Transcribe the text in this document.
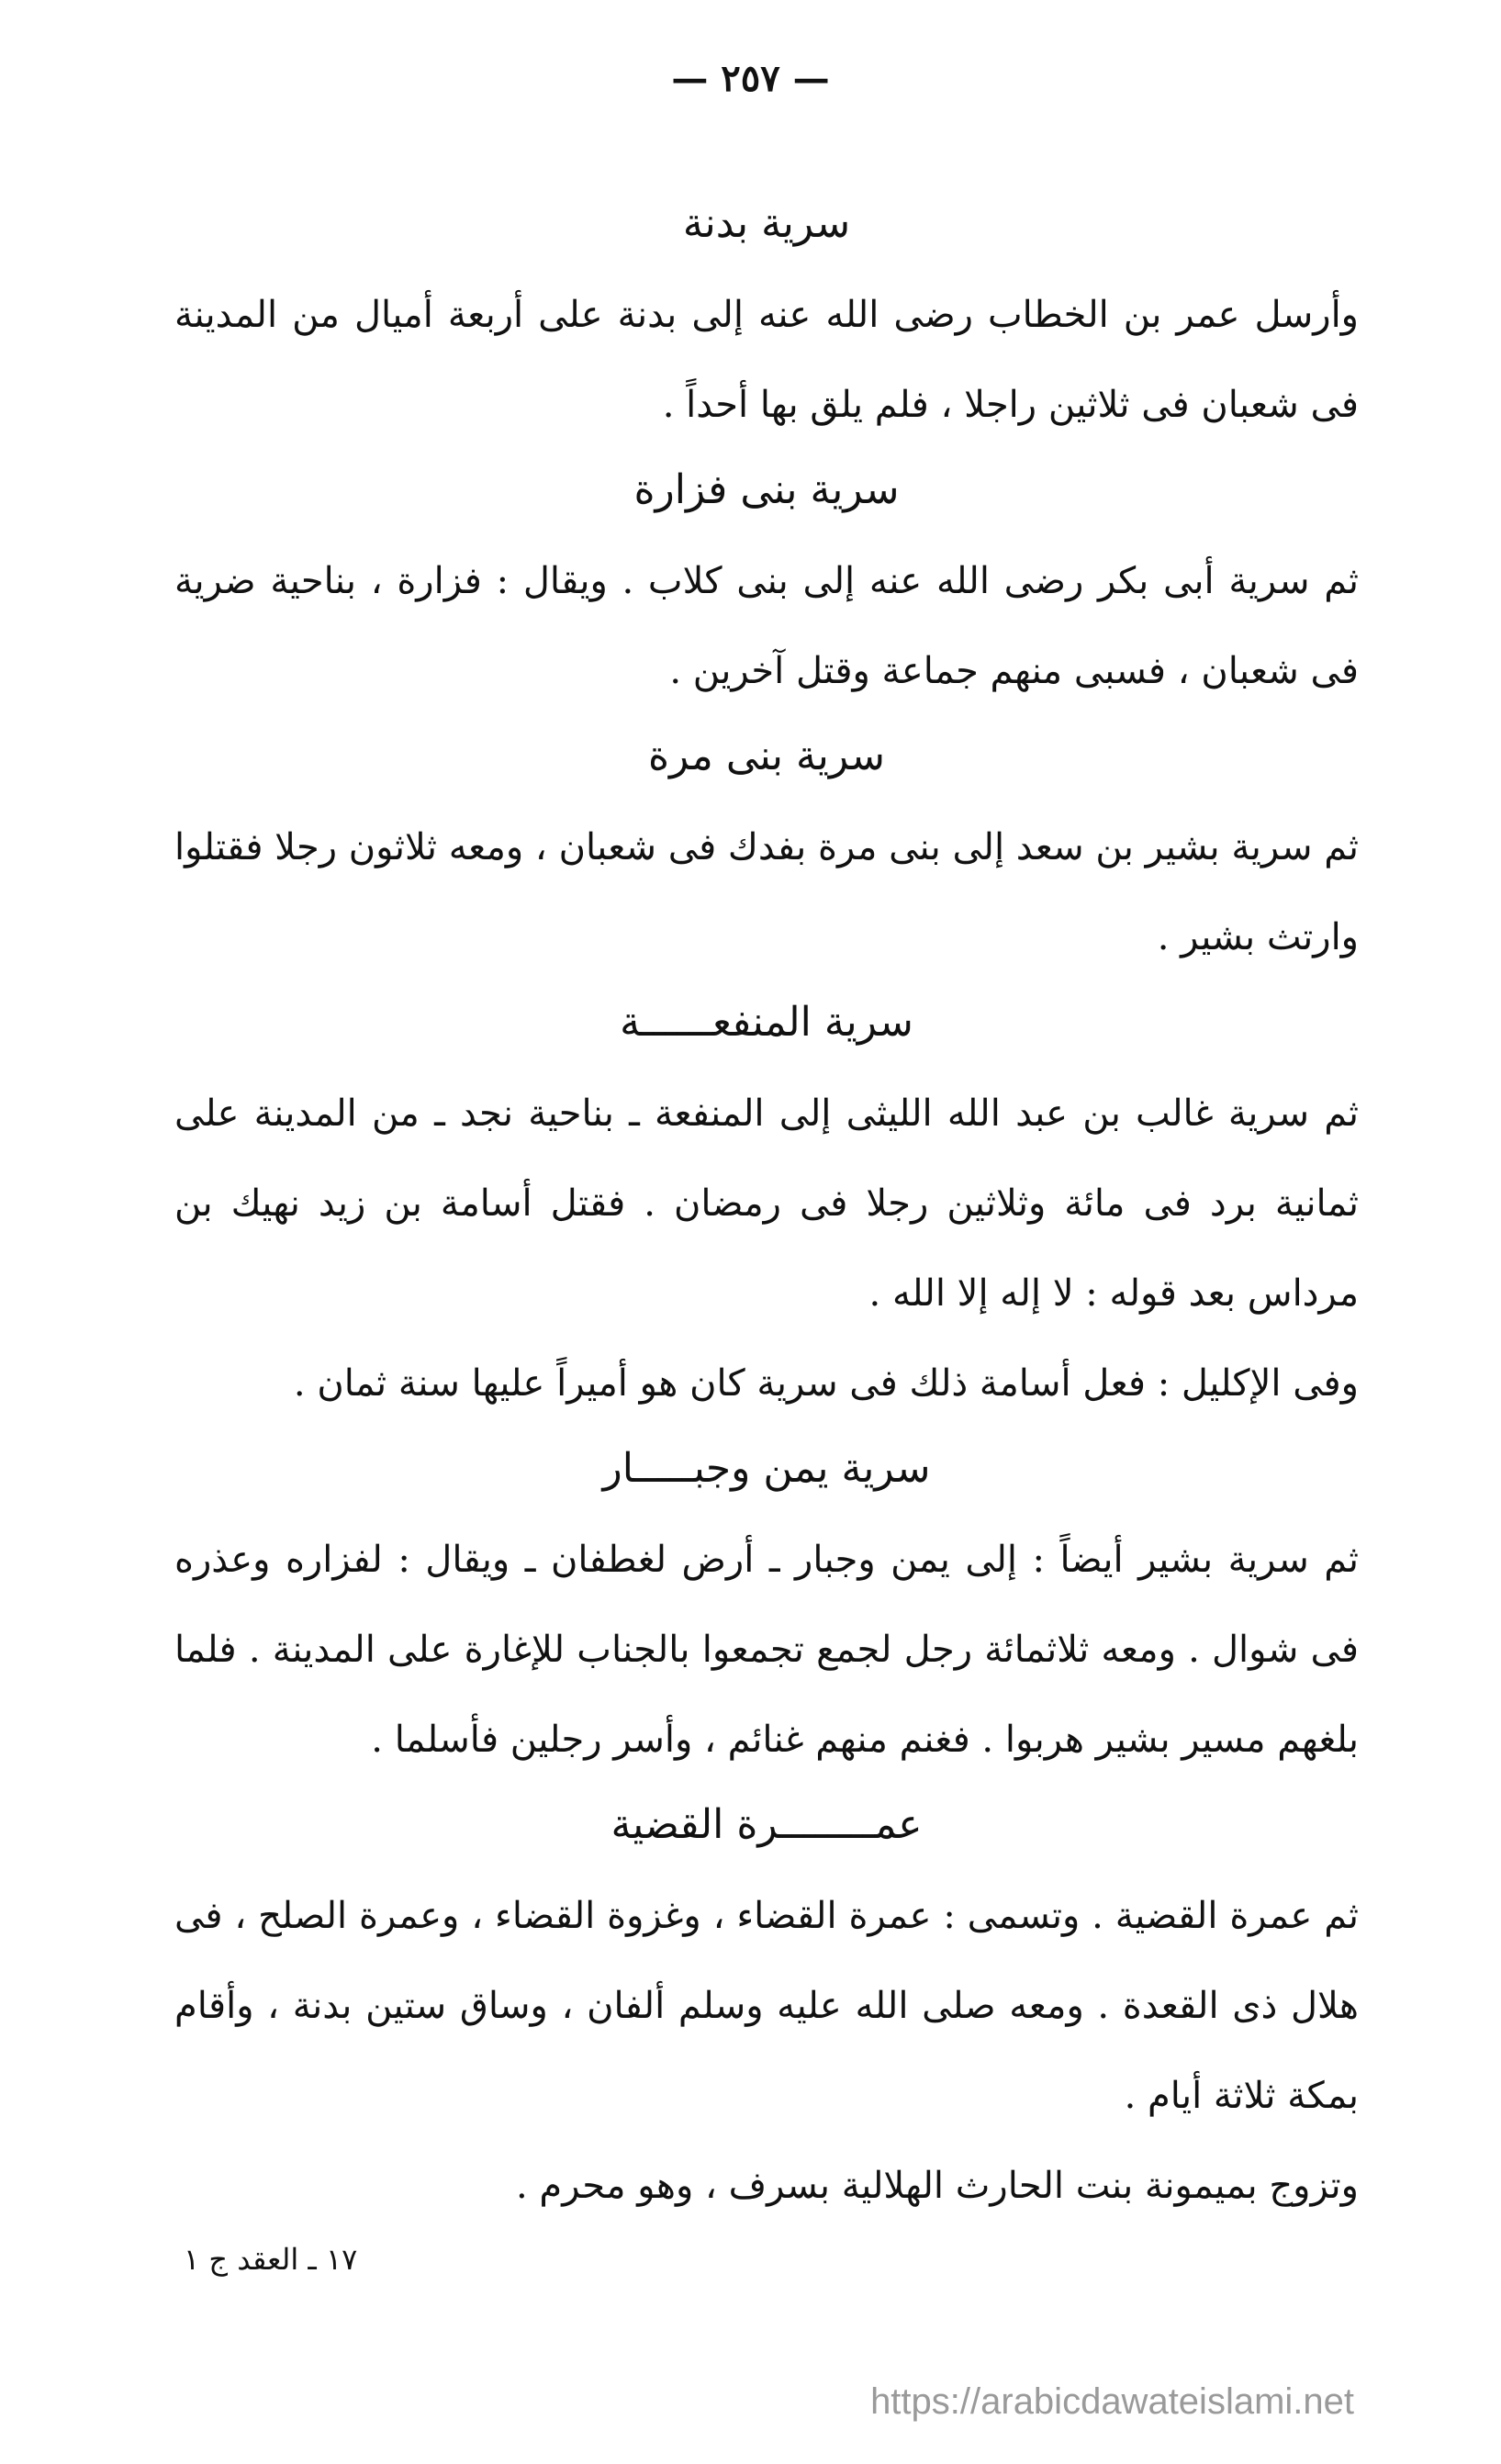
— ٢٥٧ —
سرية بدنة

وأرسل عمر بن الخطاب رضى الله عنه إلى بدنة على أربعة أميال من المدينة فى شعبان فى ثلاثين راجلا ، فلم يلق بها أحداً .

سرية بنى فزارة

ثم سرية أبى بكر رضى الله عنه إلى بنى كلاب . ويقال : فزارة ، بناحية ضرية فى شعبان ، فسبى منهم جماعة وقتل آخرين .

سرية بنى مرة

ثم سرية بشير بن سعد إلى بنى مرة بفدك فى شعبان ، ومعه ثلاثون رجلا فقتلوا وارتث بشير .

سرية المنفعــــــة

ثم سرية غالب بن عبد الله الليثى إلى المنفعة ـ بناحية نجد ـ من المدينة على ثمانية برد فى مائة وثلاثين رجلا فى رمضان . فقتل أسامة بن زيد نهيك بن مرداس بعد قوله : لا إله إلا الله .

وفى الإكليل : فعل أسامة ذلك فى سرية كان هو أميراً عليها سنة ثمان .

سرية يمن وجبـــــار

ثم سرية بشير أيضاً : إلى يمن وجبار ـ أرض لغطفان ـ ويقال : لفزاره وعذره فى شوال . ومعه ثلاثمائة رجل لجمع تجمعوا بالجناب للإغارة على المدينة . فلما بلغهم مسير بشير هربوا . فغنم منهم غنائم ، وأسر رجلين فأسلما .

عمــــــــرة القضية

ثم عمرة القضية . وتسمى : عمرة القضاء ، وغزوة القضاء ، وعمرة الصلح ، فى هلال ذى القعدة . ومعه صلى الله عليه وسلم ألفان ، وساق ستين بدنة ، وأقام بمكة ثلاثة أيام .

وتزوج بميمونة بنت الحارث الهلالية بسرف ، وهو محرم .

١٧ ـ العقد ج ١
https://arabicdawateislami.net
